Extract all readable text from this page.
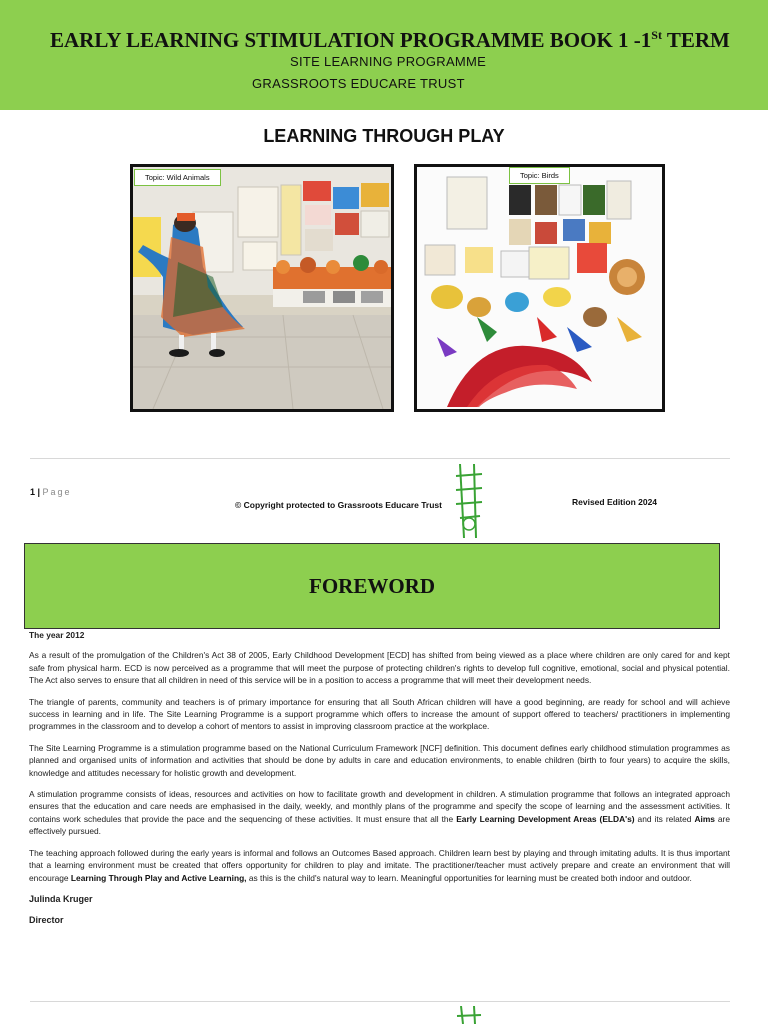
EARLY LEARNING STIMULATION PROGRAMME BOOK 1 -1St TERM
SITE LEARNING PROGRAMME
GRASSROOTS EDUCARE TRUST
LEARNING THROUGH PLAY
Topic: Wild Animals	Topic: Birds
1 | Page
© Copyright protected to Grassroots Educare Trust	Revised Edition 2024
FOREWORD

The year 2012

As a result of the promulgation of the Children's Act 38 of 2005, Early Childhood Development [ECD] has shifted from being viewed as a place where children are only cared for and kept safe from physical harm. ECD is now perceived as a programme that will meet the purpose of protecting children's rights to develop full cognitive, emotional, social and physical potential. The Act also serves to ensure that all children in need of this service will be in a position to access a programme that will meet their development needs.

The triangle of parents, community and teachers is of primary importance for ensuring that all South African children will have a good beginning, are ready for school and will achieve success in learning and in life. The Site Learning Programme is a support programme which offers to increase the amount of support offered to teachers/ practitioners in implementing programmes in the classroom and to develop a cohort of mentors to assist in improving classroom practice at the workplace.

The Site Learning Programme is a stimulation programme based on the National Curriculum Framework [NCF] definition. This document defines early childhood stimulation programmes as planned and organised units of information and activities that should be done by adults in care and education environments, to enable children (birth to four years) to acquire the skills, knowledge and attitudes necessary for holistic growth and development.

A stimulation programme consists of ideas, resources and activities on how to facilitate growth and development in children. A stimulation programme that follows an integrated approach ensures that the education and care needs are emphasised in the daily, weekly, and monthly plans of the programme and specify the scope of learning and the assessment activities. It contains work schedules that provide the pace and the sequencing of these activities. It must ensure that all the Early Learning Development Areas (ELDA's) and its related Aims are effectively pursued.

The teaching approach followed during the early years is informal and follows an Outcomes Based approach. Children learn best by playing and through imitating adults. It is thus important that a learning environment must be created that offers opportunity for children to play and imitate. The practitioner/teacher must actively prepare and create an environment that will encourage Learning Through Play and Active Learning, as this is the child's natural way to learn. Meaningful opportunities for learning must be created both indoor and outdoor.

Julinda Kruger

Director
